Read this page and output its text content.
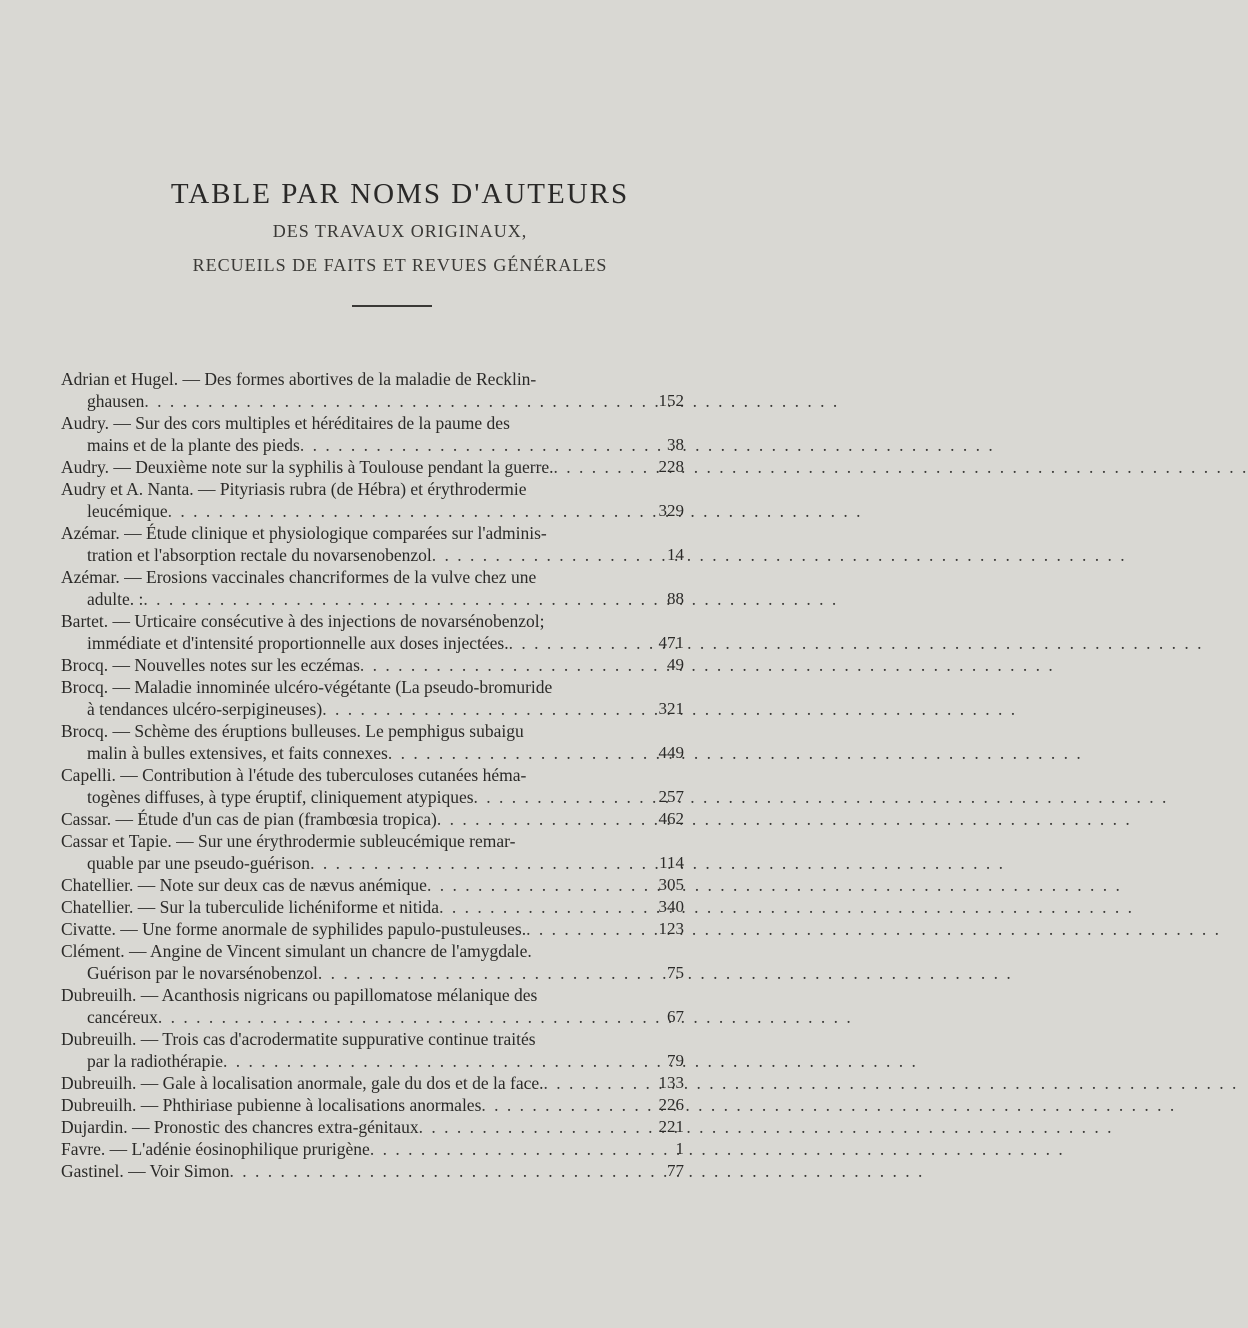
TABLE PAR NOMS D'AUTEURS
DES TRAVAUX ORIGINAUX,
RECUEILS DE FAITS ET REVUES GÉNÉRALES
Adrian et Hugel. — Des formes abortives de la maladie de Recklin-
ghausen . . .	152
Audry. — Sur des cors multiples et héréditaires de la paume des
mains et de la plante des pieds . . .	38
Audry. — Deuxième note sur la syphilis à Toulouse pendant la guerre. . . .	228
Audry et A. Nanta. — Pityriasis rubra (de Hébra) et érythrodermie
leucémique . . .	329
Azémar. — Étude clinique et physiologique comparées sur l'adminis-
tration et l'absorption rectale du novarsenobenzol . . .	14
Azémar. — Erosions vaccinales chancriformes de la vulve chez une
adulte. : . . .	88
Bartet. — Urticaire consécutive à des injections de novarsénobenzol;
immédiate et d'intensité proportionnelle aux doses injectées. . . .	471
Brocq. — Nouvelles notes sur les eczémas . . .	49
Brocq. — Maladie innominée ulcéro-végétante (La pseudo-bromuride
à tendances ulcéro-serpigineuses) . . .	321
Brocq. — Schème des éruptions bulleuses. Le pemphigus subaigu
malin à bulles extensives, et faits connexes . . .	449
Capelli. — Contribution à l'étude des tuberculoses cutanées héma-
togènes diffuses, à type éruptif, cliniquement atypiques . . .	257
Cassar. — Étude d'un cas de pian (frambœsia tropica) . . .	462
Cassar et Tapie. — Sur une érythrodermie subleucémique remar-
quable par une pseudo-guérison . . .	114
Chatellier. — Note sur deux cas de nævus anémique . . .	305
Chatellier. — Sur la tuberculide lichéniforme et nitida . . .	340
Civatte. — Une forme anormale de syphilides papulo-pustuleuses. . . .	123
Clément. — Angine de Vincent simulant un chancre de l'amygdale.
Guérison par le novarsénobenzol . . .	75
Dubreuilh. — Acanthosis nigricans ou papillomatose mélanique des
cancéreux . . .	67
Dubreuilh. — Trois cas d'acrodermatite suppurative continue traités
par la radiothérapie . . .	79
Dubreuilh. — Gale à localisation anormale, gale du dos et de la face. . . .	133
Dubreuilh. — Phthiriase pubienne à localisations anormales . . .	226
Dujardin. — Pronostic des chancres extra-génitaux . . .	221
Favre. — L'adénie éosinophilique prurigène . . .	1
Gastinel. — Voir Simon . . .	77
